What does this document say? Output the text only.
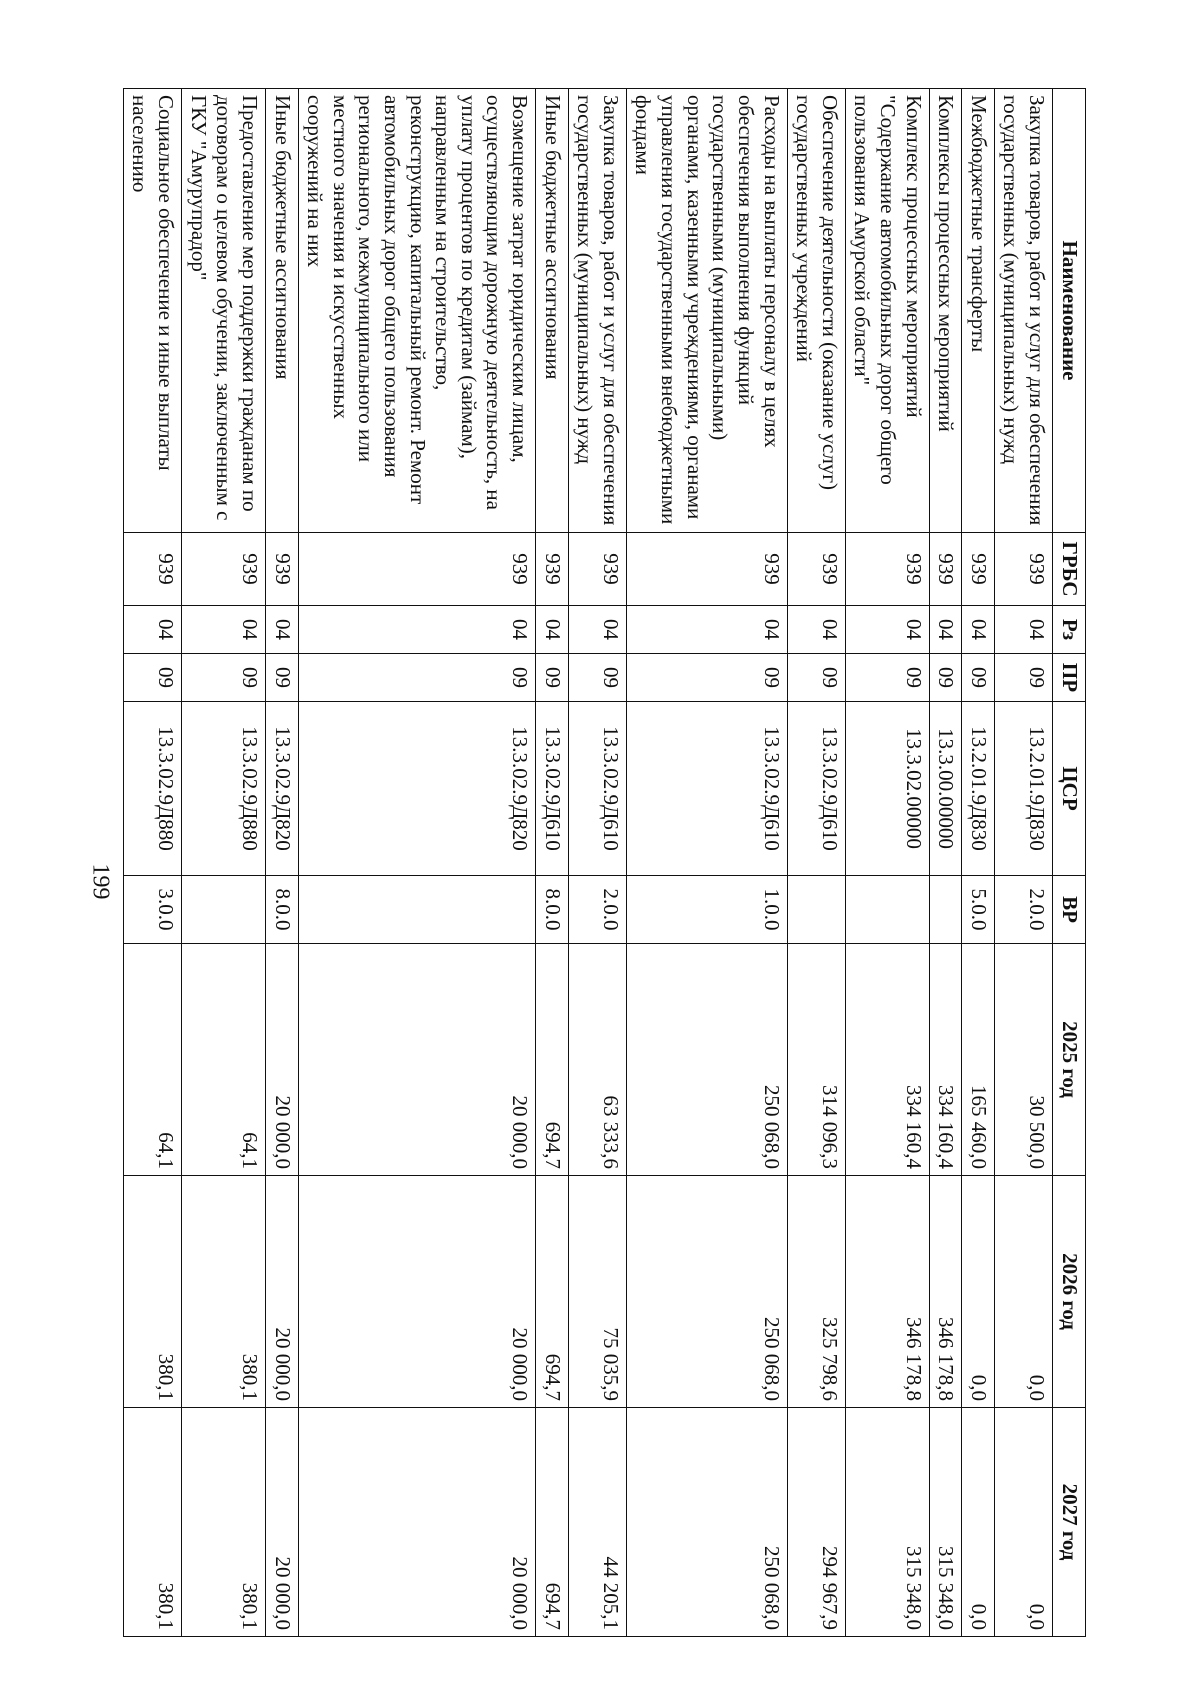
199
Наименование	ГРБС	Рз	ПР	ЦСР	ВР	2025 год	2026 год	2027 год
Закупка товаров, работ и услуг для обеспечения государственных (муниципальных) нужд	939	04	09	13.2.01.9Д830	2.0.0	30 500,0	0,0	0,0
Межбюджетные трансферты	939	04	09	13.2.01.9Д830	5.0.0	165 460,0	0,0	0,0
Комплексы процессных мероприятий	939	04	09	13.3.00.00000		334 160,4	346 178,8	315 348,0
Комплекс процессных мероприятий "Содержание автомобильных дорог общего пользования Амурской области"	939	04	09	13.3.02.00000		334 160,4	346 178,8	315 348,0
Обеспечение деятельности (оказание услуг) государственных учреждений	939	04	09	13.3.02.9Д610		314 096,3	325 798,6	294 967,9
Расходы на выплаты персоналу в целях обеспечения выполнения функций государственными (муниципальными) органами, казенными учреждениями, органами управления государственными внебюджетными фондами	939	04	09	13.3.02.9Д610	1.0.0	250 068,0	250 068,0	250 068,0
Закупка товаров, работ и услуг для обеспечения государственных (муниципальных) нужд	939	04	09	13.3.02.9Д610	2.0.0	63 333,6	75 035,9	44 205,1
Иные бюджетные ассигнования	939	04	09	13.3.02.9Д610	8.0.0	694,7	694,7	694,7
Возмещение затрат юридическим лицам, осуществляющим дорожную деятельность, на уплату процентов по кредитам (займам), направленным на строительство, реконструкцию, капитальный ремонт. Ремонт автомобильных дорог общего пользования регионального, межмуниципального или местного значения и искусственных сооружений на них	939	04	09	13.3.02.9Д820		20 000,0	20 000,0	20 000,0
Иные бюджетные ассигнования	939	04	09	13.3.02.9Д820	8.0.0	20 000,0	20 000,0	20 000,0
Предоставление мер поддержки гражданам по договорам о целевом обучении, заключенным с ГКУ "Амурупрадор"	939	04	09	13.3.02.9Д880		64,1	380,1	380,1
Социальное обеспечение и иные выплаты населению	939	04	09	13.3.02.9Д880	3.0.0	64,1	380,1	380,1
